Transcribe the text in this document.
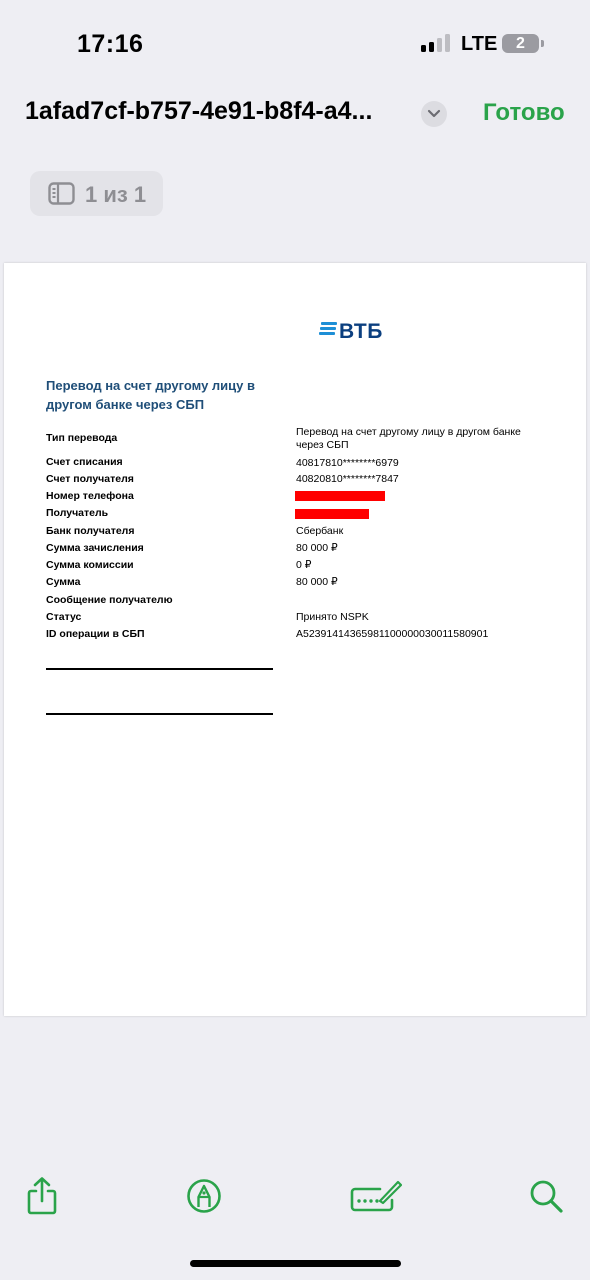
17:16	LTE	2
1afad7cf-b757-4e91-b8f4-a4...	Готово
1 из 1
ВТБ
Перевод на счет другому лицу в другом банке через СБП
Тип перевода	Перевод на счет другому лицу в другом банке через СБП
Счет списания	40817810********6979
Счет получателя	40820810********7847
Номер телефона
Получатель
Банк получателя	Сбербанк
Сумма зачисления	80 000 ₽
Сумма комиссии	0 ₽
Сумма	80 000 ₽
Сообщение получателю
Статус	Принято NSPK
ID операции в СБП	A52391414365981100000030011580901
